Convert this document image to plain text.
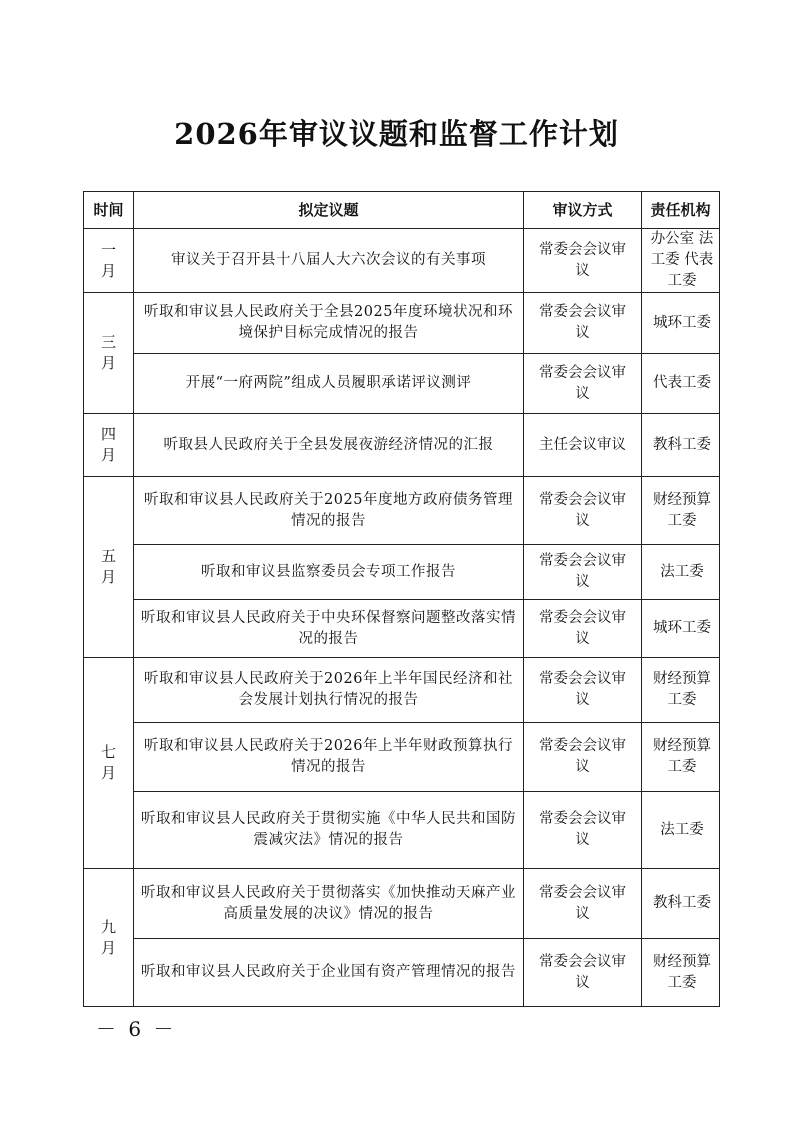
2026年审议议题和监督工作计划
时间	拟定议题	审议方式	责任机构
一月	审议关于召开县十八届人大六次会议的有关事项	常委会会议审议	办公室 法工委 代表工委
三月	听取和审议县人民政府关于全县2025年度环境状况和环境保护目标完成情况的报告	常委会会议审议	城环工委
	开展“一府两院”组成人员履职承诺评议测评	常委会会议审议	代表工委
四月	听取县人民政府关于全县发展夜游经济情况的汇报	主任会议审议	教科工委
五月	听取和审议县人民政府关于2025年度地方政府债务管理情况的报告	常委会会议审议	财经预算工委
	听取和审议县监察委员会专项工作报告	常委会会议审议	法工委
	听取和审议县人民政府关于中央环保督察问题整改落实情况的报告	常委会会议审议	城环工委
七月	听取和审议县人民政府关于2026年上半年国民经济和社会发展计划执行情况的报告	常委会会议审议	财经预算工委
	听取和审议县人民政府关于2026年上半年财政预算执行情况的报告	常委会会议审议	财经预算工委
	听取和审议县人民政府关于贯彻实施《中华人民共和国防震减灾法》情况的报告	常委会会议审议	法工委
九月	听取和审议县人民政府关于贯彻落实《加快推动天麻产业高质量发展的决议》情况的报告	常委会会议审议	教科工委
	听取和审议县人民政府关于企业国有资产管理情况的报告	常委会会议审议	财经预算工委
－ 6 －
